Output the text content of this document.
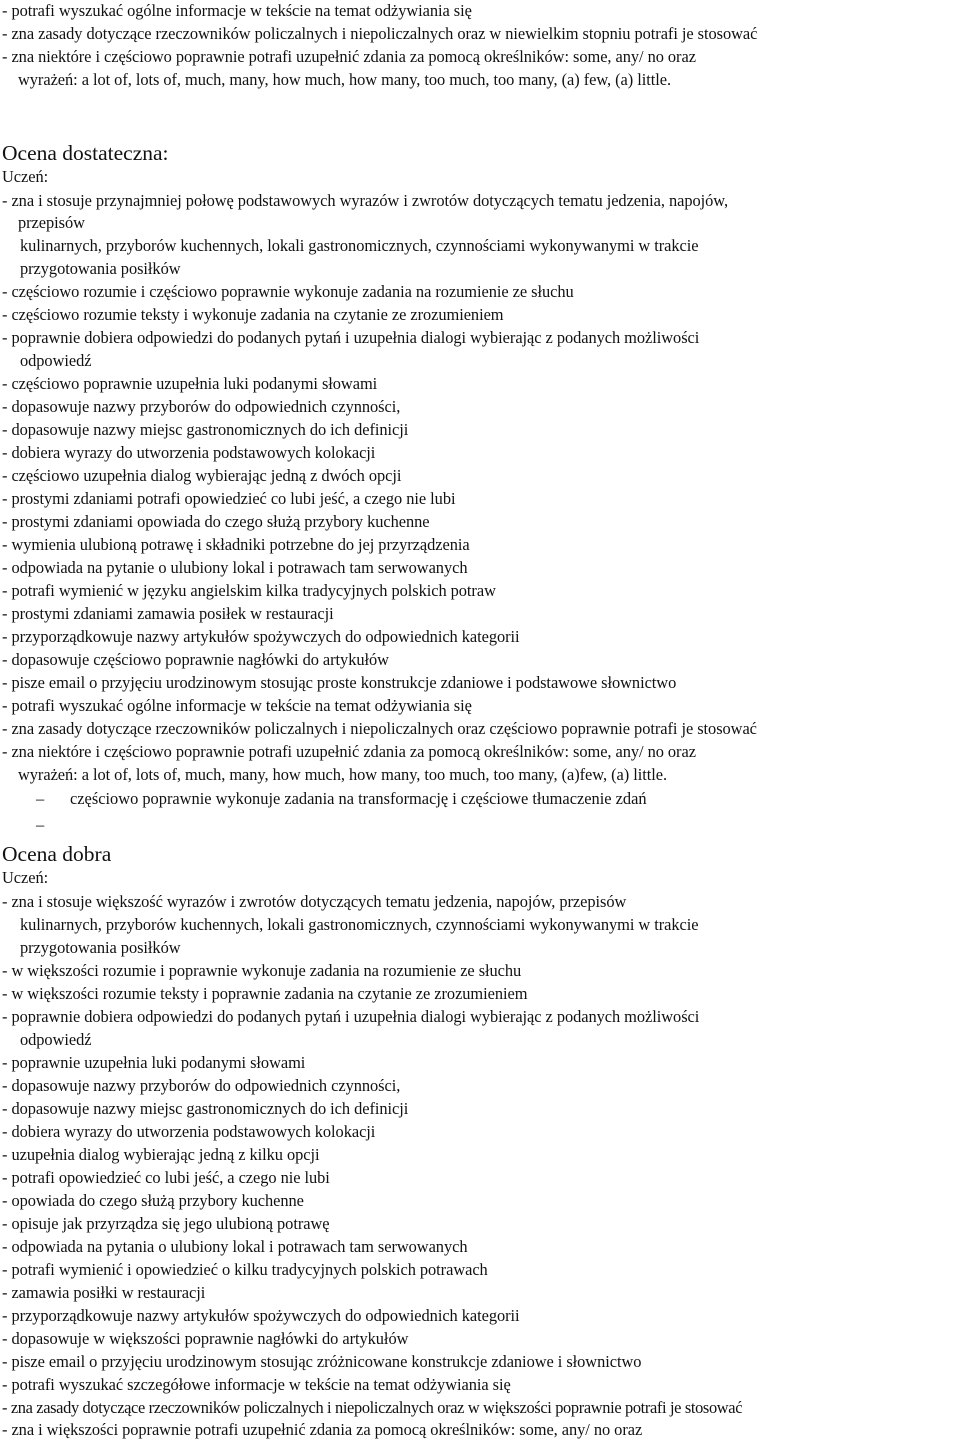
- potrafi wyszukać ogólne informacje w tekście na temat odżywiania się
- zna zasady dotyczące rzeczowników policzalnych i niepoliczalnych oraz w niewielkim stopniu potrafi je stosować
- zna niektóre i częściowo poprawnie potrafi uzupełnić zdania za pomocą określników: some, any/ no oraz
wyrażeń: a lot of, lots of, much, many, how much, how many, too much, too many, (a) few, (a) little.
Ocena dostateczna:
Uczeń:
- zna i stosuje przynajmniej połowę podstawowych wyrazów i zwrotów dotyczących tematu jedzenia, napojów,
przepisów
kulinarnych, przyborów kuchennych, lokali gastronomicznych, czynnościami wykonywanymi w trakcie
przygotowania posiłków
- częściowo rozumie i częściowo poprawnie wykonuje zadania na rozumienie ze słuchu
- częściowo rozumie teksty i wykonuje zadania na czytanie ze zrozumieniem
- poprawnie dobiera odpowiedzi do podanych pytań i uzupełnia dialogi wybierając z podanych możliwości
odpowiedź
- częściowo poprawnie uzupełnia luki podanymi słowami
- dopasowuje nazwy przyborów do odpowiednich czynności,
- dopasowuje nazwy miejsc gastronomicznych do ich definicji
- dobiera wyrazy do utworzenia podstawowych kolokacji
- częściowo uzupełnia dialog wybierając jedną z dwóch opcji
- prostymi zdaniami potrafi opowiedzieć co lubi jeść, a czego nie lubi
- prostymi zdaniami opowiada do czego służą przybory kuchenne
- wymienia ulubioną potrawę i składniki potrzebne do jej przyrządzenia
- odpowiada na pytanie o ulubiony lokal i potrawach tam serwowanych
- potrafi wymienić w języku angielskim kilka tradycyjnych polskich potraw
- prostymi zdaniami zamawia posiłek w restauracji
- przyporządkowuje nazwy artykułów spożywczych do odpowiednich kategorii
- dopasowuje częściowo poprawnie nagłówki do artykułów
- pisze email o przyjęciu urodzinowym stosując proste konstrukcje zdaniowe i podstawowe słownictwo
- potrafi wyszukać ogólne informacje w tekście na temat odżywiania się
- zna zasady dotyczące rzeczowników policzalnych i niepoliczalnych oraz częściowo poprawnie potrafi je stosować
- zna niektóre i częściowo poprawnie potrafi uzupełnić zdania za pomocą określników: some, any/ no oraz
wyrażeń: a lot of, lots of, much, many, how much, how many, too much, too many, (a)few, (a) little.
– częściowo poprawnie wykonuje zadania na transformację i częściowe tłumaczenie zdań
–
Ocena dobra
Uczeń:
- zna i stosuje większość wyrazów i zwrotów dotyczących tematu jedzenia, napojów, przepisów
kulinarnych, przyborów kuchennych, lokali gastronomicznych, czynnościami wykonywanymi w trakcie
przygotowania posiłków
- w większości rozumie i poprawnie wykonuje zadania na rozumienie ze słuchu
- w większości rozumie teksty i poprawnie zadania na czytanie ze zrozumieniem
- poprawnie dobiera odpowiedzi do podanych pytań i uzupełnia dialogi wybierając z podanych możliwości
odpowiedź
- poprawnie uzupełnia luki podanymi słowami
- dopasowuje nazwy przyborów do odpowiednich czynności,
- dopasowuje nazwy miejsc gastronomicznych do ich definicji
- dobiera wyrazy do utworzenia podstawowych kolokacji
- uzupełnia dialog wybierając jedną z kilku opcji
- potrafi opowiedzieć co lubi jeść, a czego nie lubi
- opowiada do czego służą przybory kuchenne
- opisuje jak przyrządza się jego ulubioną potrawę
- odpowiada na pytania o ulubiony lokal i potrawach tam serwowanych
- potrafi wymienić i opowiedzieć o kilku tradycyjnych polskich potrawach
- zamawia posiłki w restauracji
- przyporządkowuje nazwy artykułów spożywczych do odpowiednich kategorii
- dopasowuje w większości poprawnie nagłówki do artykułów
- pisze email o przyjęciu urodzinowym stosując zróżnicowane konstrukcje zdaniowe i słownictwo
- potrafi wyszukać szczegółowe informacje w tekście na temat odżywiania się
- zna zasady dotyczące rzeczowników policzalnych i niepoliczalnych oraz w większości poprawnie potrafi je stosować
- zna i większości poprawnie potrafi uzupełnić zdania za pomocą określników: some, any/ no oraz
